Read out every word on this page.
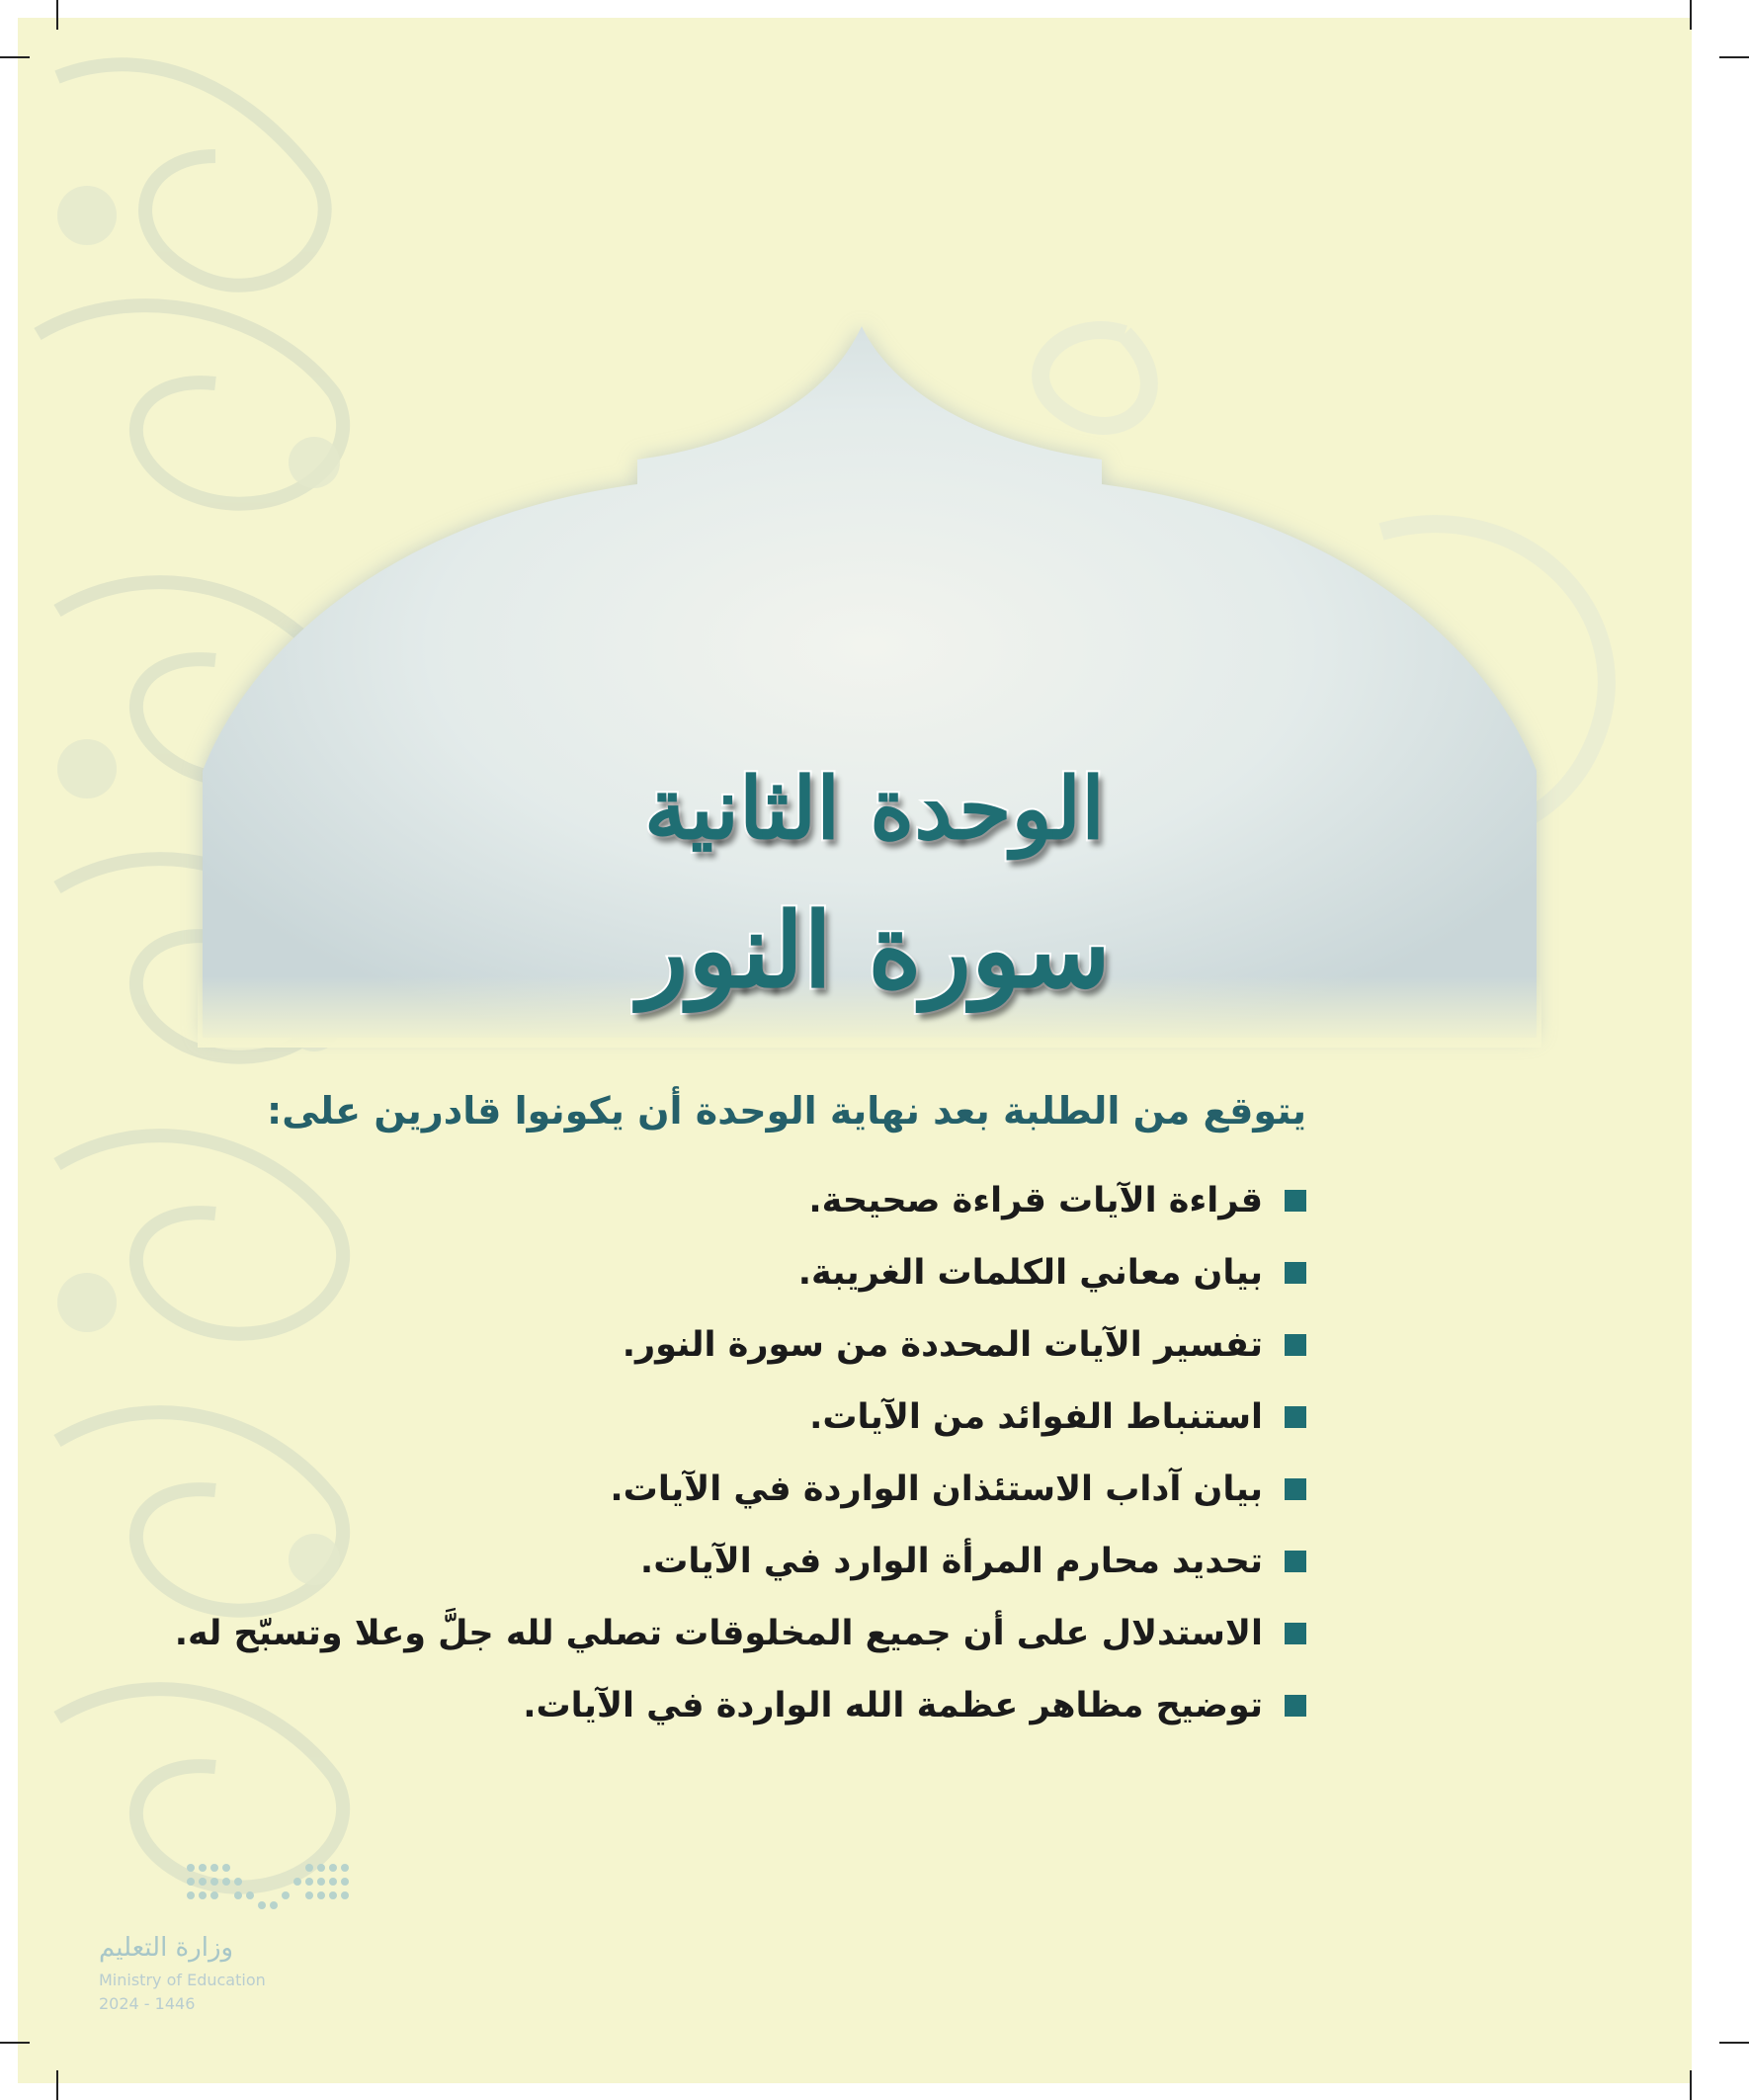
الوحدة الثانية
سورة النور
يتوقع من الطلبة بعد نهاية الوحدة أن يكونوا قادرين على:
قراءة الآيات قراءة صحيحة.
بيان معاني الكلمات الغريبة.
تفسير الآيات المحددة من سورة النور.
استنباط الفوائد من الآيات.
بيان آداب الاستئذان الواردة في الآيات.
تحديد محارم المرأة الوارد في الآيات.
الاستدلال على أن جميع المخلوقات تصلي لله جلَّ وعلا وتسبّح له.
توضيح مظاهر عظمة الله الواردة في الآيات.
وزارة التعليم
Ministry of Education
2024 - 1446
